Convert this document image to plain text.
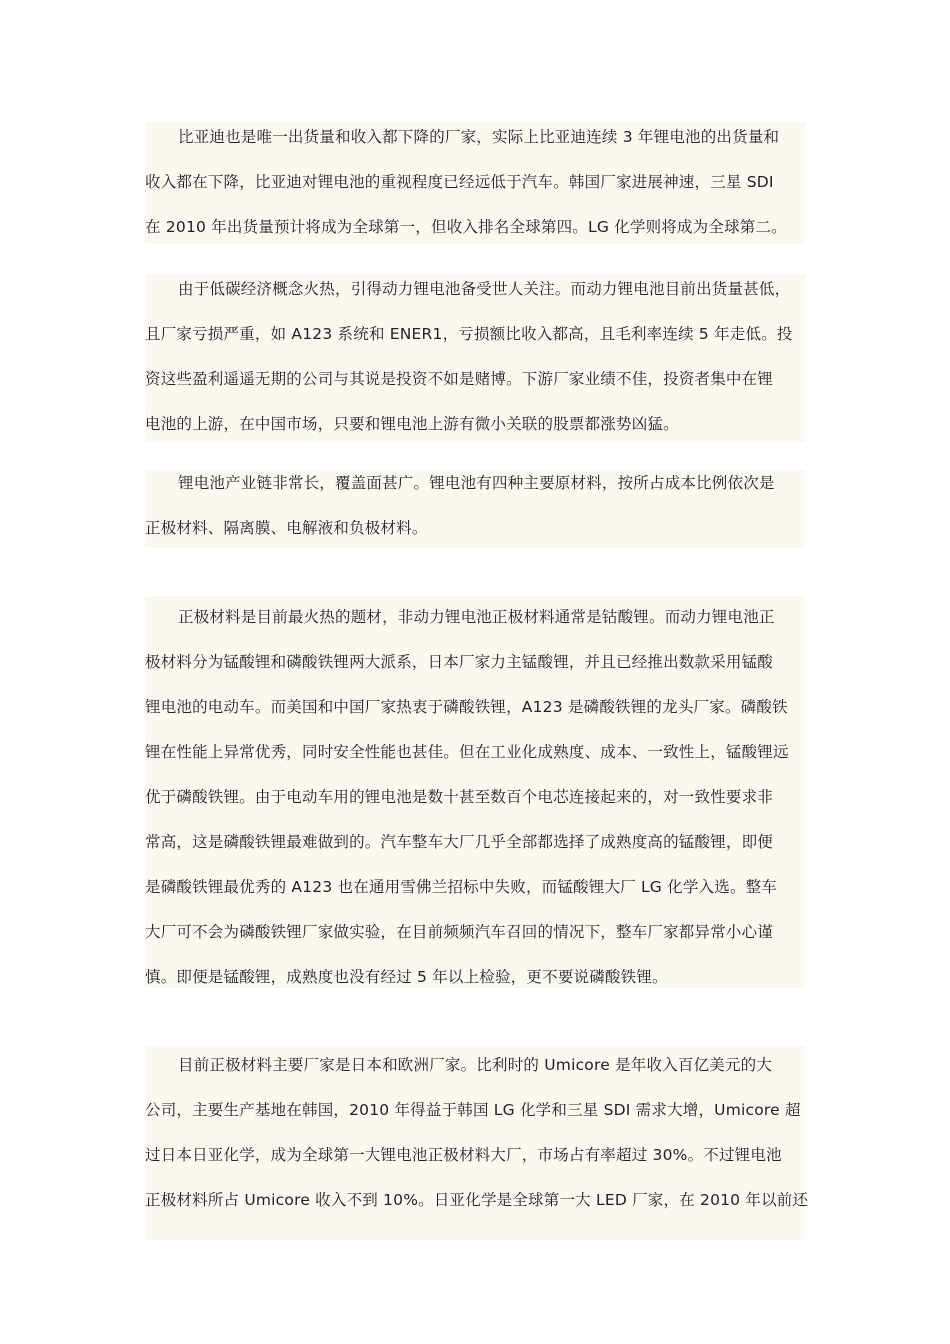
比亚迪也是唯一出货量和收入都下降的厂家，实际上比亚迪连续 3 年锂电池的出货量和
收入都在下降，比亚迪对锂电池的重视程度已经远低于汽车。韩国厂家进展神速，三星 SDI
在 2010 年出货量预计将成为全球第一，但收入排名全球第四。LG 化学则将成为全球第二。
由于低碳经济概念火热，引得动力锂电池备受世人关注。而动力锂电池目前出货量甚低，
且厂家亏损严重，如 A123 系统和 ENER1，亏损额比收入都高，且毛利率连续 5 年走低。投
资这些盈利遥遥无期的公司与其说是投资不如是赌博。下游厂家业绩不佳，投资者集中在锂
电池的上游，在中国市场，只要和锂电池上游有微小关联的股票都涨势凶猛。
锂电池产业链非常长，覆盖面甚广。锂电池有四种主要原材料，按所占成本比例依次是
正极材料、隔离膜、电解液和负极材料。
正极材料是目前最火热的题材，非动力锂电池正极材料通常是钴酸锂。而动力锂电池正
极材料分为锰酸锂和磷酸铁锂两大派系，日本厂家力主锰酸锂，并且已经推出数款采用锰酸
锂电池的电动车。而美国和中国厂家热衷于磷酸铁锂，A123 是磷酸铁锂的龙头厂家。磷酸铁
锂在性能上异常优秀，同时安全性能也甚佳。但在工业化成熟度、成本、一致性上，锰酸锂远
优于磷酸铁锂。由于电动车用的锂电池是数十甚至数百个电芯连接起来的，对一致性要求非
常高，这是磷酸铁锂最难做到的。汽车整车大厂几乎全部都选择了成熟度高的锰酸锂，即便
是磷酸铁锂最优秀的 A123 也在通用雪佛兰招标中失败，而锰酸锂大厂 LG 化学入选。整车
大厂可不会为磷酸铁锂厂家做实验，在目前频频汽车召回的情况下，整车厂家都异常小心谨
慎。即便是锰酸锂，成熟度也没有经过 5 年以上检验，更不要说磷酸铁锂。
目前正极材料主要厂家是日本和欧洲厂家。比利时的 Umicore 是年收入百亿美元的大
公司，主要生产基地在韩国，2010 年得益于韩国 LG 化学和三星 SDI 需求大增，Umicore 超
过日本日亚化学，成为全球第一大锂电池正极材料大厂，市场占有率超过 30%。不过锂电池
正极材料所占 Umicore 收入不到 10%。日亚化学是全球第一大 LED 厂家，在 2010 年以前还
